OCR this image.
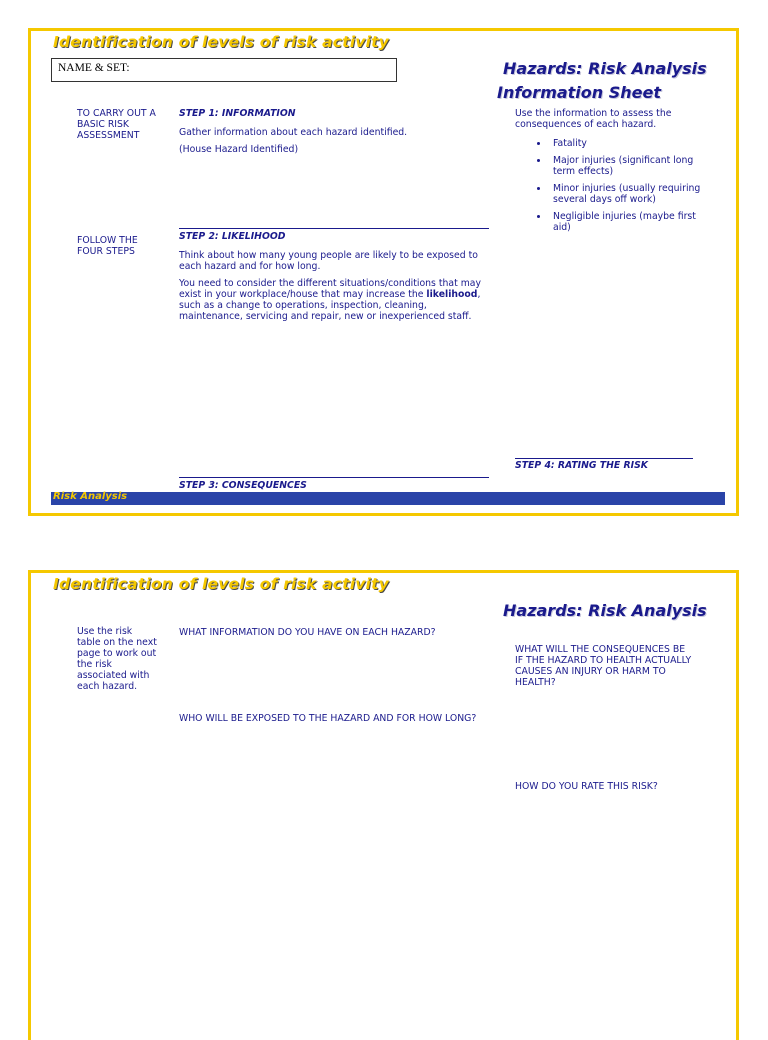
Identification of levels of risk activity
NAME & SET:	Hazards: Risk Analysis
Information Sheet
TO CARRY OUT A BASIC RISK ASSESSMENT
FOLLOW THE FOUR STEPS
STEP 1: INFORMATION

Gather information about each hazard identified.

(House Hazard Identified)

STEP 2: LIKELIHOOD

Think about how many young people are likely to be exposed to each hazard and for how long.

You need to consider the different situations/conditions that may exist in your workplace/house that may increase the likelihood, such as a change to operations, inspection, cleaning, maintenance, servicing and repair, new or inexperienced staff.

STEP 3: CONSEQUENCES
Use the information to assess the consequences of each hazard.
• Fatality
• Major injuries (significant long term effects)
• Minor injuries (usually requiring several days off work)
• Negligible injuries (maybe first aid)
STEP 4: RATING THE RISK
Risk Analysis
Identification of levels of risk activity
Hazards: Risk Analysis
Use the risk table on the next page to work out the risk associated with each hazard.
WHAT INFORMATION DO YOU HAVE ON EACH HAZARD?
WHO WILL BE EXPOSED TO THE HAZARD AND FOR HOW LONG?
WHAT WILL THE CONSEQUENCES BE IF THE HAZARD TO HEALTH ACTUALLY CAUSES AN INJURY OR HARM TO HEALTH?
HOW DO YOU RATE THIS RISK?
